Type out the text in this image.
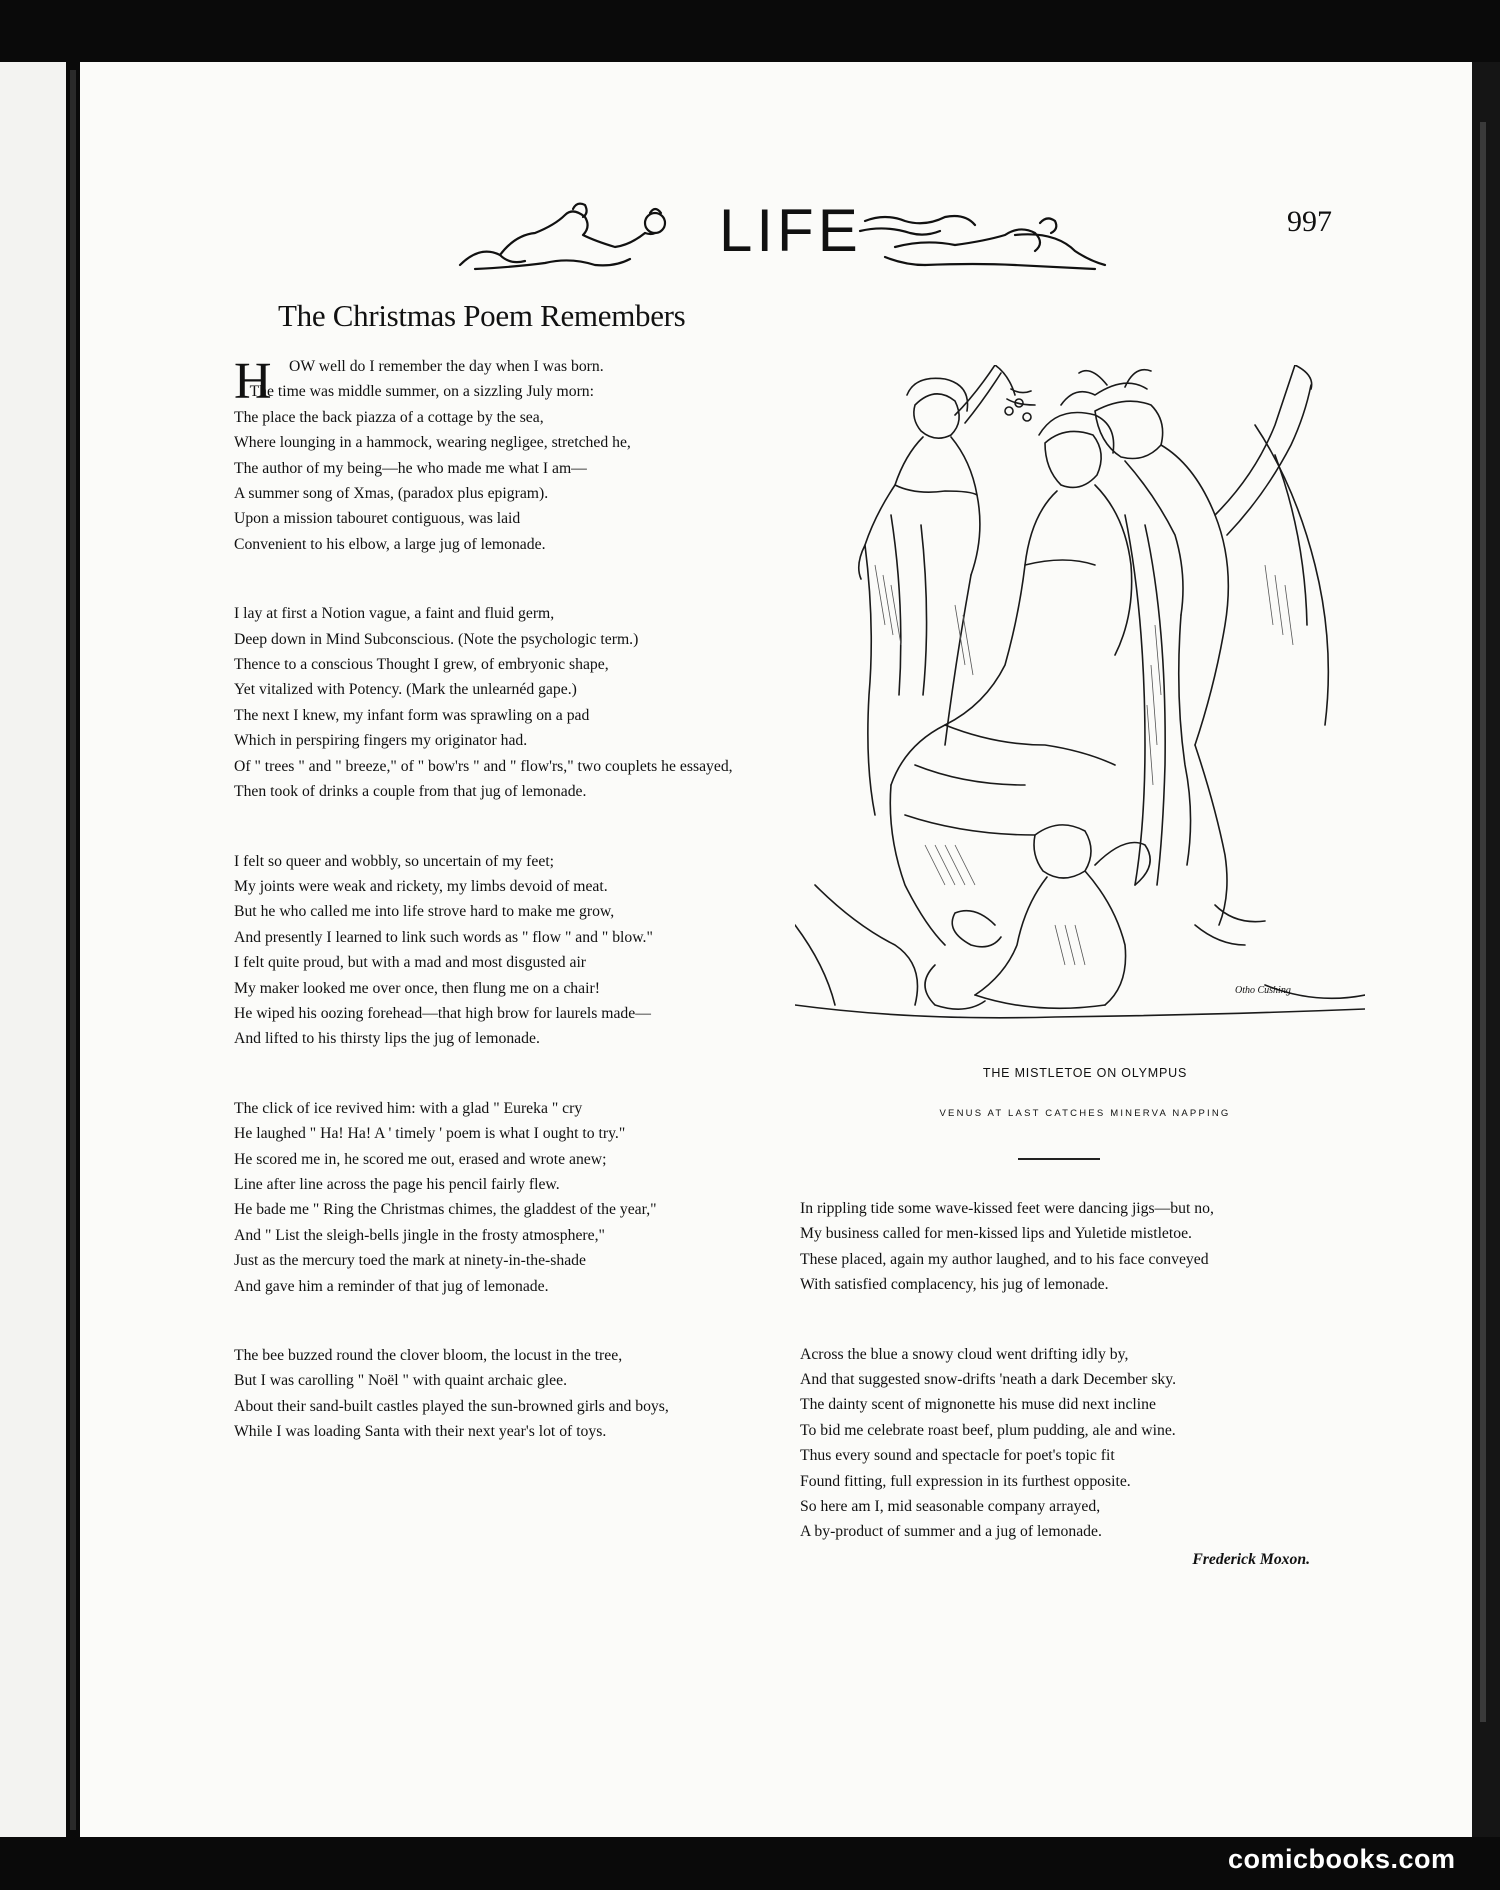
LIFE	997
The Christmas Poem Remembers
H	OW well do I remember the day when I was born.
The time was middle summer, on a sizzling July morn:
The place the back piazza of a cottage by the sea,
Where lounging in a hammock, wearing negligee, stretched he,
The author of my being—he who made me what I am—
A summer song of Xmas, (paradox plus epigram).
Upon a mission tabouret contiguous, was laid
Convenient to his elbow, a large jug of lemonade.
I lay at first a Notion vague, a faint and fluid germ,
Deep down in Mind Subconscious. (Note the psychologic term.)
Thence to a conscious Thought I grew, of embryonic shape,
Yet vitalized with Potency. (Mark the unlearnéd gape.)
The next I knew, my infant form was sprawling on a pad
Which in perspiring fingers my originator had.
Of " trees " and " breeze," of " bow'rs " and " flow'rs," two couplets he essayed,
Then took of drinks a couple from that jug of lemonade.
I felt so queer and wobbly, so uncertain of my feet;
My joints were weak and rickety, my limbs devoid of meat.
But he who called me into life strove hard to make me grow,
And presently I learned to link such words as " flow " and " blow."
I felt quite proud, but with a mad and most disgusted air
My maker looked me over once, then flung me on a chair!
He wiped his oozing forehead—that high brow for laurels made—
And lifted to his thirsty lips the jug of lemonade.
The click of ice revived him: with a glad " Eureka " cry
He laughed " Ha! Ha! A ' timely ' poem is what I ought to try."
He scored me in, he scored me out, erased and wrote anew;
Line after line across the page his pencil fairly flew.
He bade me " Ring the Christmas chimes, the gladdest of the year,"
And " List the sleigh-bells jingle in the frosty atmosphere,"
Just as the mercury toed the mark at ninety-in-the-shade
And gave him a reminder of that jug of lemonade.
The bee buzzed round the clover bloom, the locust in the tree,
But I was carolling " Noël " with quaint archaic glee.
About their sand-built castles played the sun-browned girls and boys,
While I was loading Santa with their next year's lot of toys.
Otho Cushing
THE MISTLETOE ON OLYMPUS
VENUS AT LAST CATCHES MINERVA NAPPING
In rippling tide some wave-kissed feet were dancing jigs—but no,
My business called for men-kissed lips and Yuletide mistletoe.
These placed, again my author laughed, and to his face conveyed
With satisfied complacency, his jug of lemonade.
Across the blue a snowy cloud went drifting idly by,
And that suggested snow-drifts 'neath a dark December sky.
The dainty scent of mignonette his muse did next incline
To bid me celebrate roast beef, plum pudding, ale and wine.
Thus every sound and spectacle for poet's topic fit
Found fitting, full expression in its furthest opposite.
So here am I, mid seasonable company arrayed,
A by-product of summer and a jug of lemonade.
Frederick Moxon.
comicbooks.com
